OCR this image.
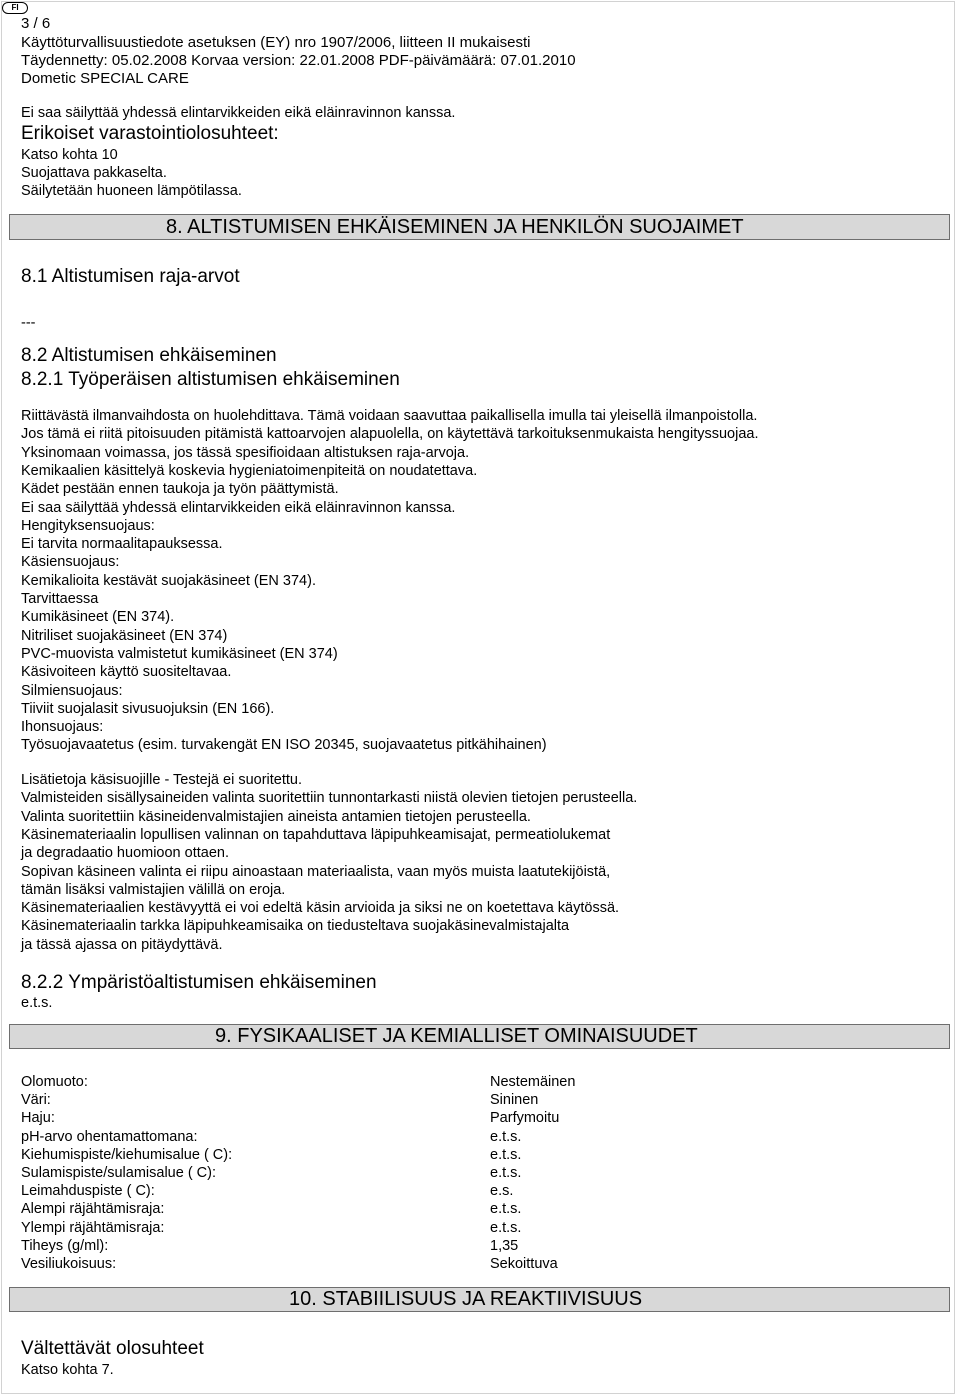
FI
3 / 6
Käyttöturvallisuustiedote asetuksen (EY) nro 1907/2006, liitteen II mukaisesti
Täydennetty: 05.02.2008 Korvaa version: 22.01.2008 PDF-päivämäärä: 07.01.2010
Dometic SPECIAL CARE
Ei saa säilyttää yhdessä elintarvikkeiden eikä eläinravinnon kanssa.
Erikoiset varastointiolosuhteet:
Katso kohta 10
Suojattava pakkaselta.
Säilytetään huoneen lämpötilassa.
8. ALTISTUMISEN EHKÄISEMINEN JA HENKILÖN SUOJAIMET
8.1 Altistumisen raja-arvot
---
8.2 Altistumisen ehkäiseminen
8.2.1 Työperäisen altistumisen ehkäiseminen
Riittävästä ilmanvaihdosta on huolehdittava. Tämä voidaan saavuttaa paikallisella imulla tai yleisellä ilmanpoistolla.
Jos tämä ei riitä pitoisuuden pitämistä kattoarvojen alapuolella, on käytettävä tarkoituksenmukaista hengityssuojaa.
Yksinomaan voimassa, jos tässä spesifioidaan altistuksen raja-arvoja.
Kemikaalien käsittelyä koskevia hygieniatoimenpiteitä on noudatettava.
Kädet pestään ennen taukoja ja työn päättymistä.
Ei saa säilyttää yhdessä elintarvikkeiden eikä eläinravinnon kanssa.
Hengityksensuojaus:
Ei tarvita normaalitapauksessa.
Käsiensuojaus:
Kemikalioita kestävät suojakäsineet (EN 374).
Tarvittaessa
Kumikäsineet (EN 374).
Nitriliset suojakäsineet (EN 374)
PVC-muovista valmistetut kumikäsineet (EN 374)
Käsivoiteen käyttö suositeltavaa.
Silmiensuojaus:
Tiiviit suojalasit sivusuojuksin (EN 166).
Ihonsuojaus:
Työsuojavaatetus (esim. turvakengät EN ISO 20345, suojavaatetus pitkähihainen)
Lisätietoja käsisuojille - Testejä ei suoritettu.
Valmisteiden sisällysaineiden valinta suoritettiin tunnontarkasti niistä olevien tietojen perusteella.
Valinta suoritettiin käsineidenvalmistajien aineista antamien tietojen perusteella.
Käsinemateriaalin lopullisen valinnan on tapahduttava läpipuhkeamisajat, permeatiolukemat
ja degradaatio huomioon ottaen.
Sopivan käsineen valinta ei riipu ainoastaan materiaalista, vaan myös muista laatutekijöistä,
tämän lisäksi valmistajien välillä on eroja.
Käsinemateriaalien kestävyyttä ei voi edeltä käsin arvioida ja siksi ne on koetettava käytössä.
Käsinemateriaalin tarkka läpipuhkeamisaika on tiedusteltava suojakäsinevalmistajalta
ja tässä ajassa on pitäydyttävä.
8.2.2 Ympäristöaltistumisen ehkäiseminen
e.t.s.
9. FYSIKAALISET JA KEMIALLISET OMINAISUUDET
Olomuoto:	Nestemäinen
Väri:	Sininen
Haju:	Parfymoitu
pH-arvo ohentamattomana:	e.t.s.
Kiehumispiste/kiehumisalue ( C):	e.t.s.
Sulamispiste/sulamisalue ( C):	e.t.s.
Leimahduspiste ( C):	e.s.
Alempi räjähtämisraja:	e.t.s.
Ylempi räjähtämisraja:	e.t.s.
Tiheys (g/ml):	1,35
Vesiliukoisuus:	Sekoittuva
10. STABIILISUUS JA REAKTIIVISUUS
Vältettävät olosuhteet
Katso kohta 7.
